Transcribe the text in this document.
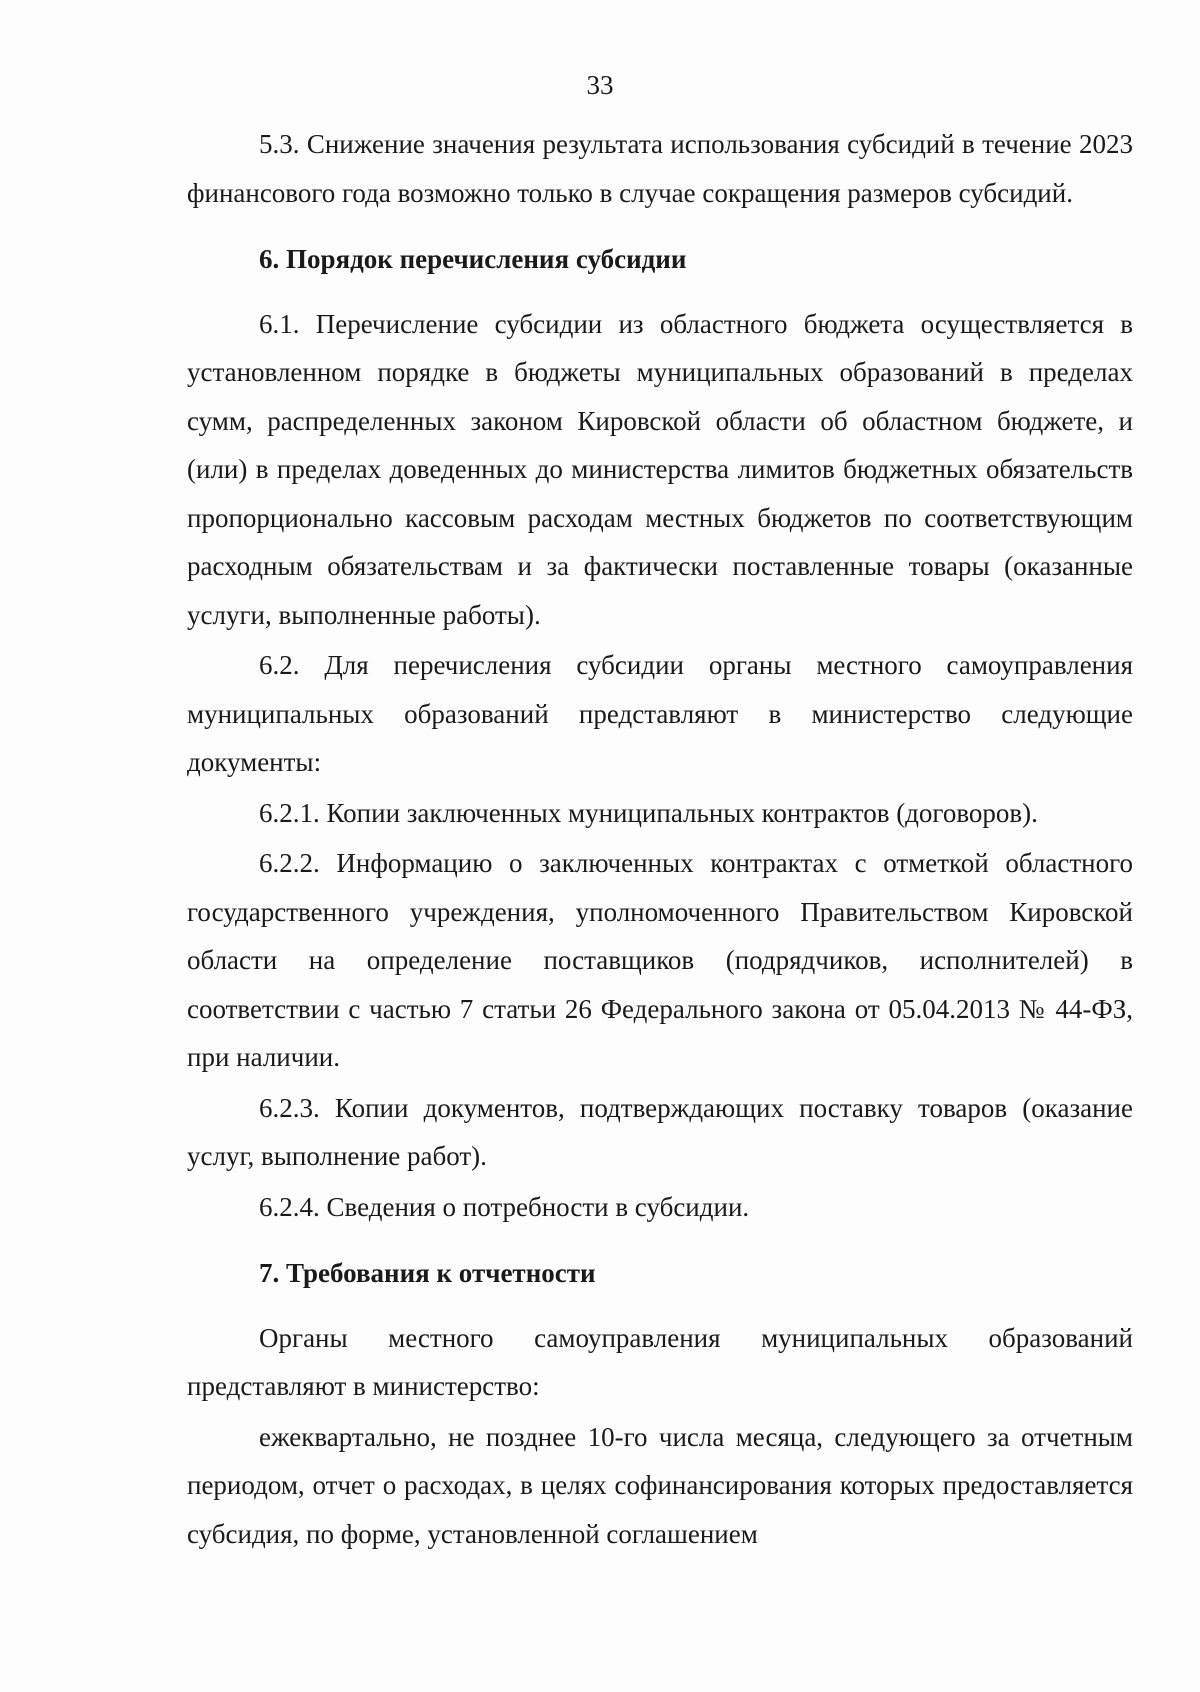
33

5.3. Снижение значения результата использования субсидий в течение 2023 финансового года возможно только в случае сокращения размеров субсидий.

6. Порядок перечисления субсидии

6.1. Перечисление субсидии из областного бюджета осуществляется в установленном порядке в бюджеты муниципальных образований в пределах сумм, распределенных законом Кировской области об областном бюджете, и (или) в пределах доведенных до министерства лимитов бюджетных обязательств пропорционально кассовым расходам местных бюджетов по соответствующим расходным обязательствам и за фактически поставленные товары (оказанные услуги, выполненные работы).

6.2. Для перечисления субсидии органы местного самоуправления муниципальных образований представляют в министерство следующие документы:

6.2.1. Копии заключенных муниципальных контрактов (договоров).

6.2.2. Информацию о заключенных контрактах с отметкой областного государственного учреждения, уполномоченного Правительством Кировской области на определение поставщиков (подрядчиков, исполнителей) в соответствии с частью 7 статьи 26 Федерального закона от 05.04.2013 № 44-ФЗ, при наличии.

6.2.3. Копии документов, подтверждающих поставку товаров (оказание услуг, выполнение работ).

6.2.4. Сведения о потребности в субсидии.

7. Требования к отчетности

Органы местного самоуправления муниципальных образований представляют в министерство:

ежеквартально, не позднее 10-го числа месяца, следующего за отчетным периодом, отчет о расходах, в целях софинансирования которых предоставляется субсидия, по форме, установленной соглашением
